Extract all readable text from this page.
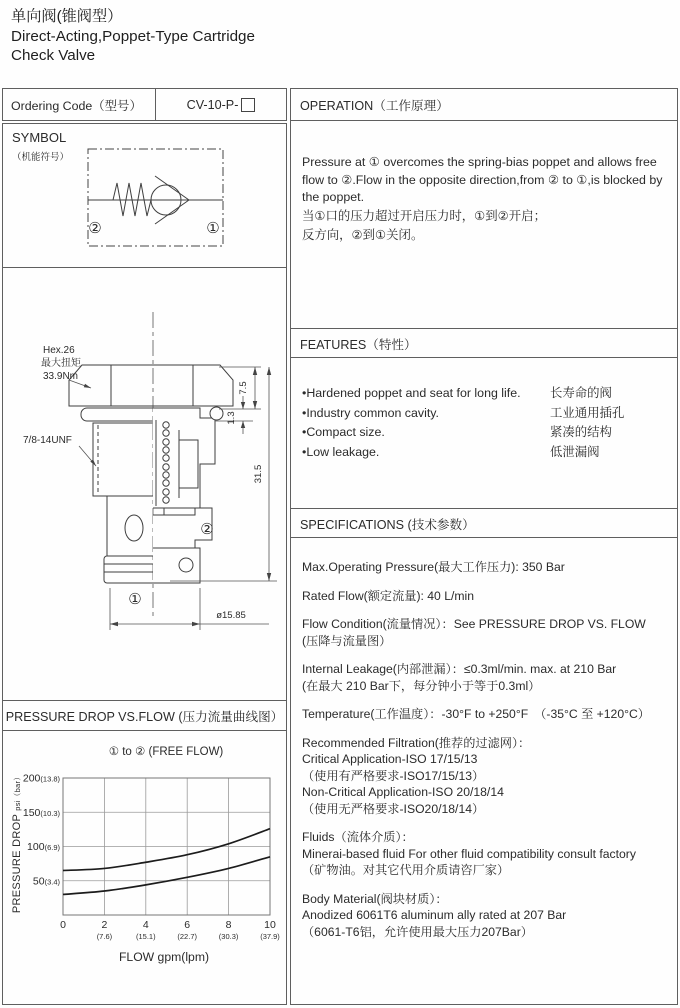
单向阀(锥阀型）
Direct-Acting,Poppet-Type Cartridge
Check Valve
Ordering Code（型号）	CV-10-P-
SYMBOL
（机能符号）
②	①
7.5
1.3
31.5
ø15.85
Hex.26
最大扭矩
33.9Nm
7/8-14UNF
②
①
PRESSURE DROP VS.FLOW (压力流量曲线图）
① to ② (FREE FLOW)
PRESSURE DROP psi（bar）
0	2
(7.6)
4
(15.1)
6
(22.7)
8
(30.3)
10
(37.9)
50(3.4)
100(6.9)
150(10.3)
200(13.8)
FLOW gpm(lpm)
OPERATION（工作原理）
Pressure at ① overcomes the spring-bias poppet and allows free flow to ②.Flow in the opposite direction,from ② to ①,is blocked by the poppet.
当①口的压力超过开启压力时，①到②开启；
反方向，②到①关闭。
FEATURES（特性）
•Hardened poppet and seat for long life.	长寿命的阀
•Industry common cavity.	工业通用插孔
•Compact size.	紧凑的结构
•Low leakage.	低泄漏阀
SPECIFICATIONS (技术参数）
Max.Operating Pressure(最大工作压力): 350 Bar
Rated Flow(额定流量): 40 L/min
Flow Condition(流量情况）：See PRESSURE DROP VS. FLOW
(压降与流量图）
Internal Leakage(内部泄漏）：≤0.3ml/min. max. at 210 Bar
(在最大 210 Bar下，每分钟小于等于0.3ml）
Temperature(工作温度）：-30°F to +250°F　（-35°C 至 +120°C）
Recommended Filtration(推荐的过滤网）：
Critical Application-ISO 17/15/13
（使用有严格要求-ISO17/15/13）
Non-Critical Application-ISO 20/18/14
（使用无严格要求-ISO20/18/14）
Fluids（流体介质）：
Minerai-based fluid For other fluid compatibility consult factory
（矿物油。对其它代用介质请咨厂家）
Body Material(阀块材质）：
Anodized 6061T6 aluminum ally rated at 207 Bar
（6061-T6铝，允许使用最大压力207Bar）
